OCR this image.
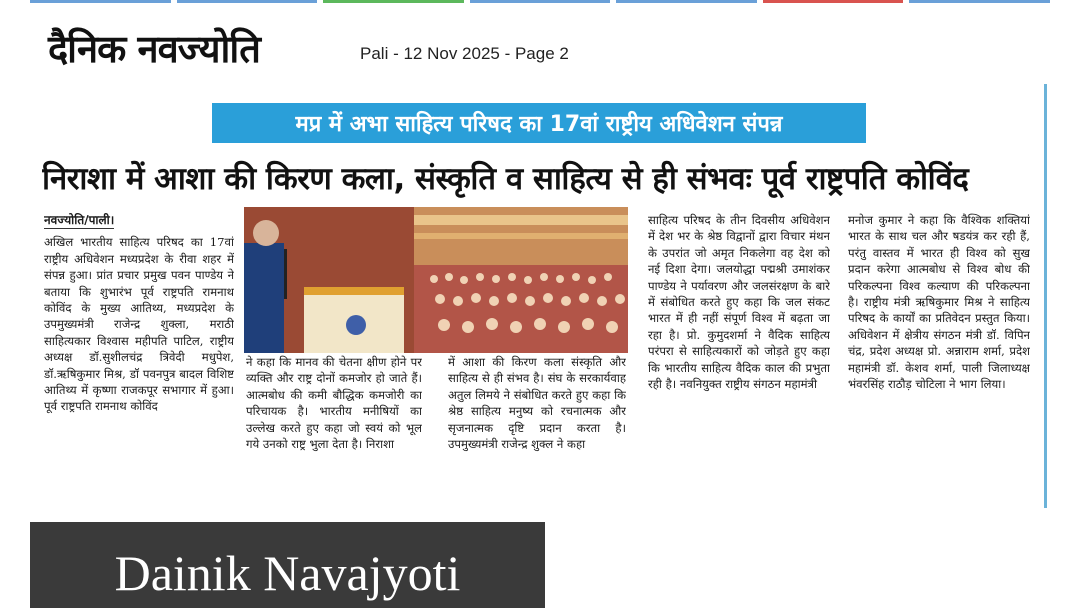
दैनिक नवज्योति	Pali - 12 Nov 2025 - Page 2
मप्र में अभा साहित्य परिषद का 17वां राष्ट्रीय अधिवेशन संपन्न
निराशा में आशा की किरण कला, संस्कृति व साहित्य से ही संभवः पूर्व राष्ट्रपति कोविंद
नवज्योति/पाली।

अखिल भारतीय साहित्य परिषद का 17वां राष्ट्रीय अधिवेशन मध्यप्रदेश के रीवा शहर में संपन्न हुआ। प्रांत प्रचार प्रमुख पवन पाण्डेय ने बताया कि शुभारंभ पूर्व राष्ट्रपति रामनाथ कोविंद के मुख्य आतिथ्य, मध्यप्रदेश के उपमुख्यमंत्री राजेन्द्र शुक्ला, मराठी साहित्यकार विश्वास महीपति पाटिल, राष्ट्रीय अध्यक्ष डॉ.सुशीलचंद्र त्रिवेदी मधुपेश, डॉ.ऋषिकुमार मिश्र, डॉ पवनपुत्र बादल विशिष्ट आतिथ्य में कृष्णा राजकपूर सभागार में हुआ। पूर्व राष्ट्रपति रामनाथ कोविंद

ने कहा कि मानव की चेतना क्षीण होने पर व्यक्ति और राष्ट्र दोनों कमजोर हो जाते हैं। आत्मबोध की कमी बौद्धिक कमजोरी का परिचायक है। भारतीय मनीषियों का उल्लेख करते हुए कहा जो स्वयं को भूल गये उनको राष्ट्र भुला देता है। निराशा

में आशा की किरण कला संस्कृति और साहित्य से ही संभव है। संघ के सरकार्यवाह अतुल लिमये ने संबोधित करते हुए कहा कि श्रेष्ठ साहित्य मनुष्य को रचनात्मक और सृजनात्मक दृष्टि प्रदान करता है। उपमुख्यमंत्री राजेन्द्र शुक्ल ने कहा

साहित्य परिषद के तीन दिवसीय अधिवेशन में देश भर के श्रेष्ठ विद्वानों द्वारा विचार मंथन के उपरांत जो अमृत निकलेगा वह देश को नई दिशा देगा। जलयोद्धा पद्मश्री उमाशंकर पाण्डेय ने पर्यावरण और जलसंरक्षण के बारे में संबोधित करते हुए कहा कि जल संकट भारत में ही नहीं संपूर्ण विश्व में बढ़ता जा रहा है। प्रो. कुमुदशर्मा ने वैदिक साहित्य परंपरा से साहित्यकारों को जोड़ते हुए कहा कि भारतीय साहित्य वैदिक काल की प्रभुता रही है। नवनियुक्त राष्ट्रीय संगठन महामंत्री

मनोज कुमार ने कहा कि वैश्विक शक्तियां भारत के साथ चल और षडयंत्र कर रही हैं, परंतु वास्तव में भारत ही विश्व को सुख प्रदान करेगा आत्मबोध से विश्व बोध की परिकल्पना विश्व कल्याण की परिकल्पना है। राष्ट्रीय मंत्री ऋषिकुमार मिश्र ने साहित्य परिषद के कार्यों का प्रतिवेदन प्रस्तुत किया। अधिवेशन में क्षेत्रीय संगठन मंत्री डॉ. विपिन चंद्र, प्रदेश अध्यक्ष प्रो. अन्नाराम शर्मा, प्रदेश महामंत्री डॉ. केशव शर्मा, पाली जिलाध्यक्ष भंवरसिंह राठौड़ चोटिला ने भाग लिया।

Dainik Navajyoti
